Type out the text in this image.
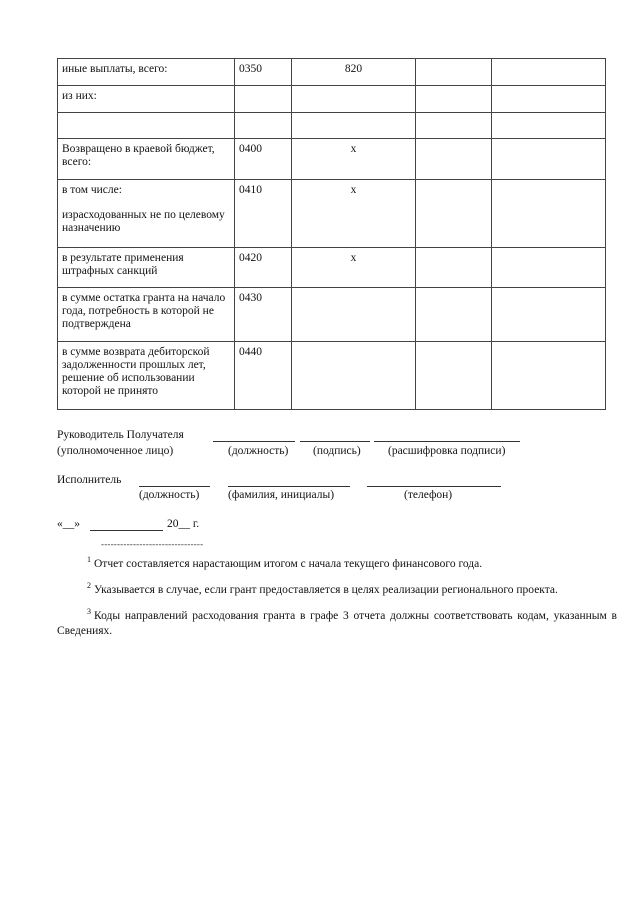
иные выплаты, всего:	0350	820		
из них:				

Возвращено в краевой бюджет, всего:	0400	х		

в том числе:
израсходованных не по целевому назначению	0410	х		
в результате применения штрафных санкций	0420	х		
в сумме остатка гранта на начало года, потребность в которой не подтверждена	0430			
в сумме возврата дебиторской задолженности прошлых лет, решение об использовании которой не принято	0440			
Руководитель Получателя
(уполномоченное лицо)	(должность) (подпись) (расшифровка подписи)
Исполнитель
(должность) (фамилия, инициалы)	(телефон)
«__»	20__ г.
--------------------------------
$^1$ Отчет составляется нарастающим итогом с начала текущего финансового года.
$^2$ Указывается в случае, если грант предоставляется в целях реализации регионального проекта.
$^3$ Коды направлений расходования гранта в графе 3 отчета должны соответствовать кодам, указанным в Сведениях.
